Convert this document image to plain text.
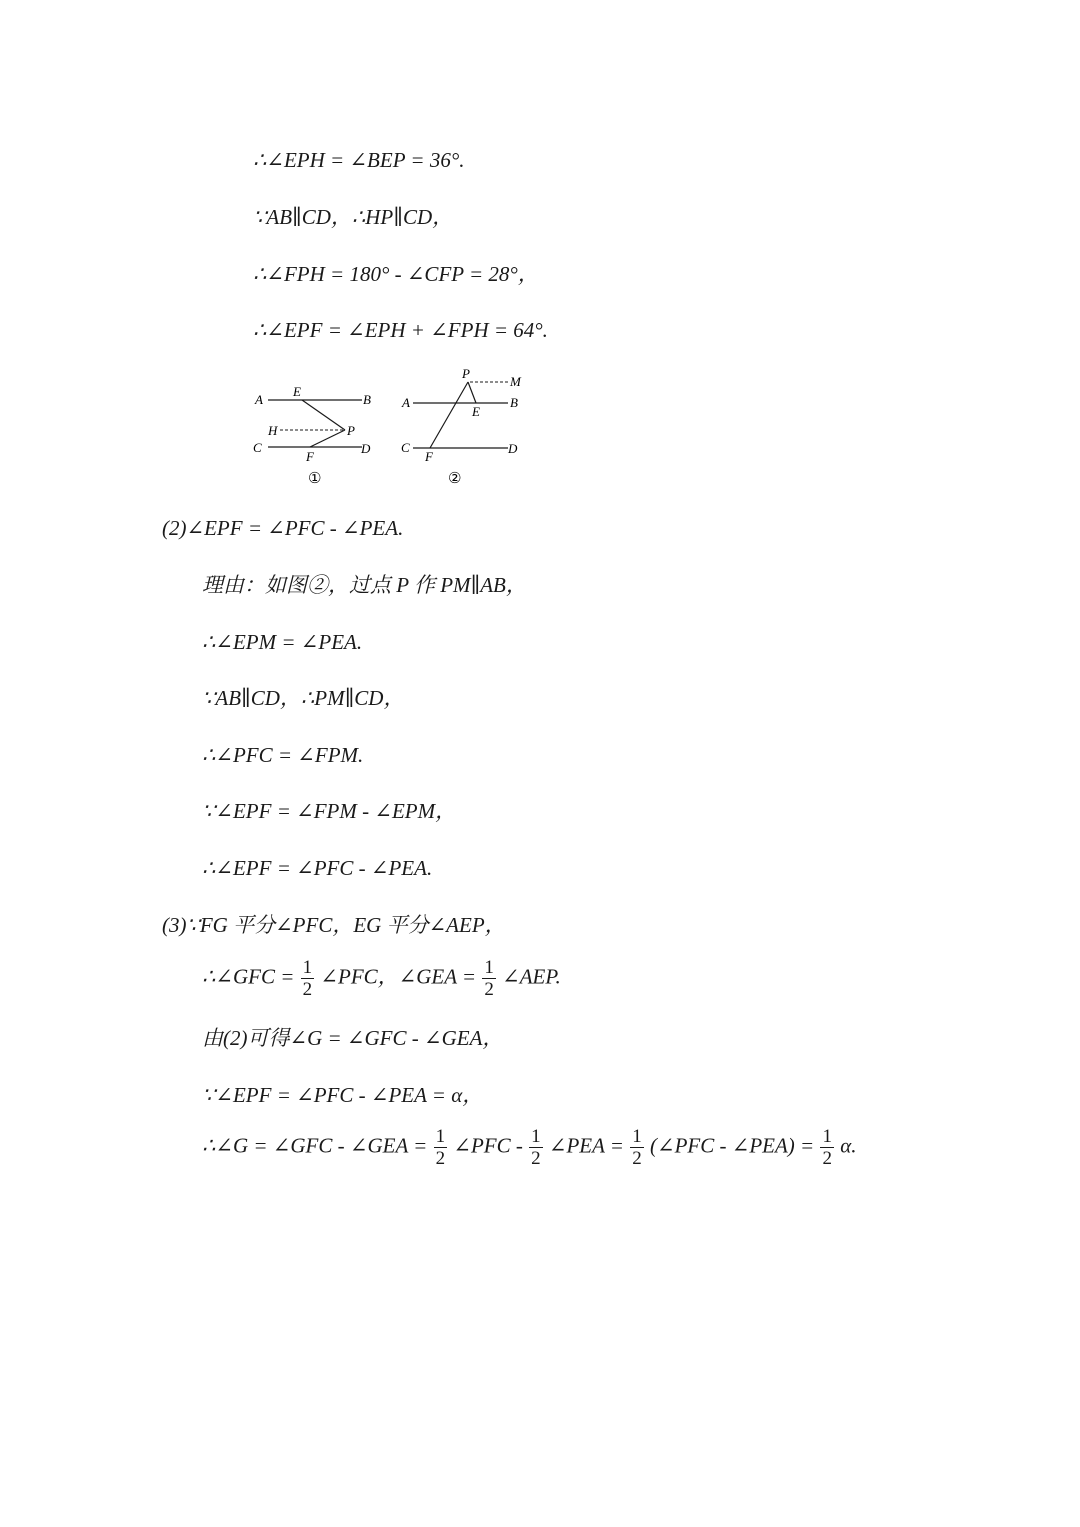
∴∠EPH = ∠BEP = 36°.
∵AB∥CD，∴HP∥CD，
∴∠FPH = 180° - ∠CFP = 28°，
∴∠EPF = ∠EPH + ∠FPH = 64°.
A	B
E
H	P
C	D
F
①
P
M
A	B
E
C	D
F
②
(2)∠EPF = ∠PFC - ∠PEA.
理由：如图②，过点 P 作 PM∥AB，
∴∠EPM = ∠PEA.
∵AB∥CD，∴PM∥CD，
∴∠PFC = ∠FPM.
∵∠EPF = ∠FPM - ∠EPM，
∴∠EPF = ∠PFC - ∠PEA.
(3)∵FG 平分∠PFC，EG 平分∠AEP，
∴∠GFC = $\frac{1}{2}$ ∠PFC，∠GEA = $\frac{1}{2}$ ∠AEP.
由(2)可得∠G = ∠GFC - ∠GEA，
∵∠EPF = ∠PFC - ∠PEA = α，
∴∠G = ∠GFC - ∠GEA = $\frac{1}{2}$ ∠PFC - $\frac{1}{2}$ ∠PEA = $\frac{1}{2}$ (∠PFC - ∠PEA) = $\frac{1}{2} \alpha$.
